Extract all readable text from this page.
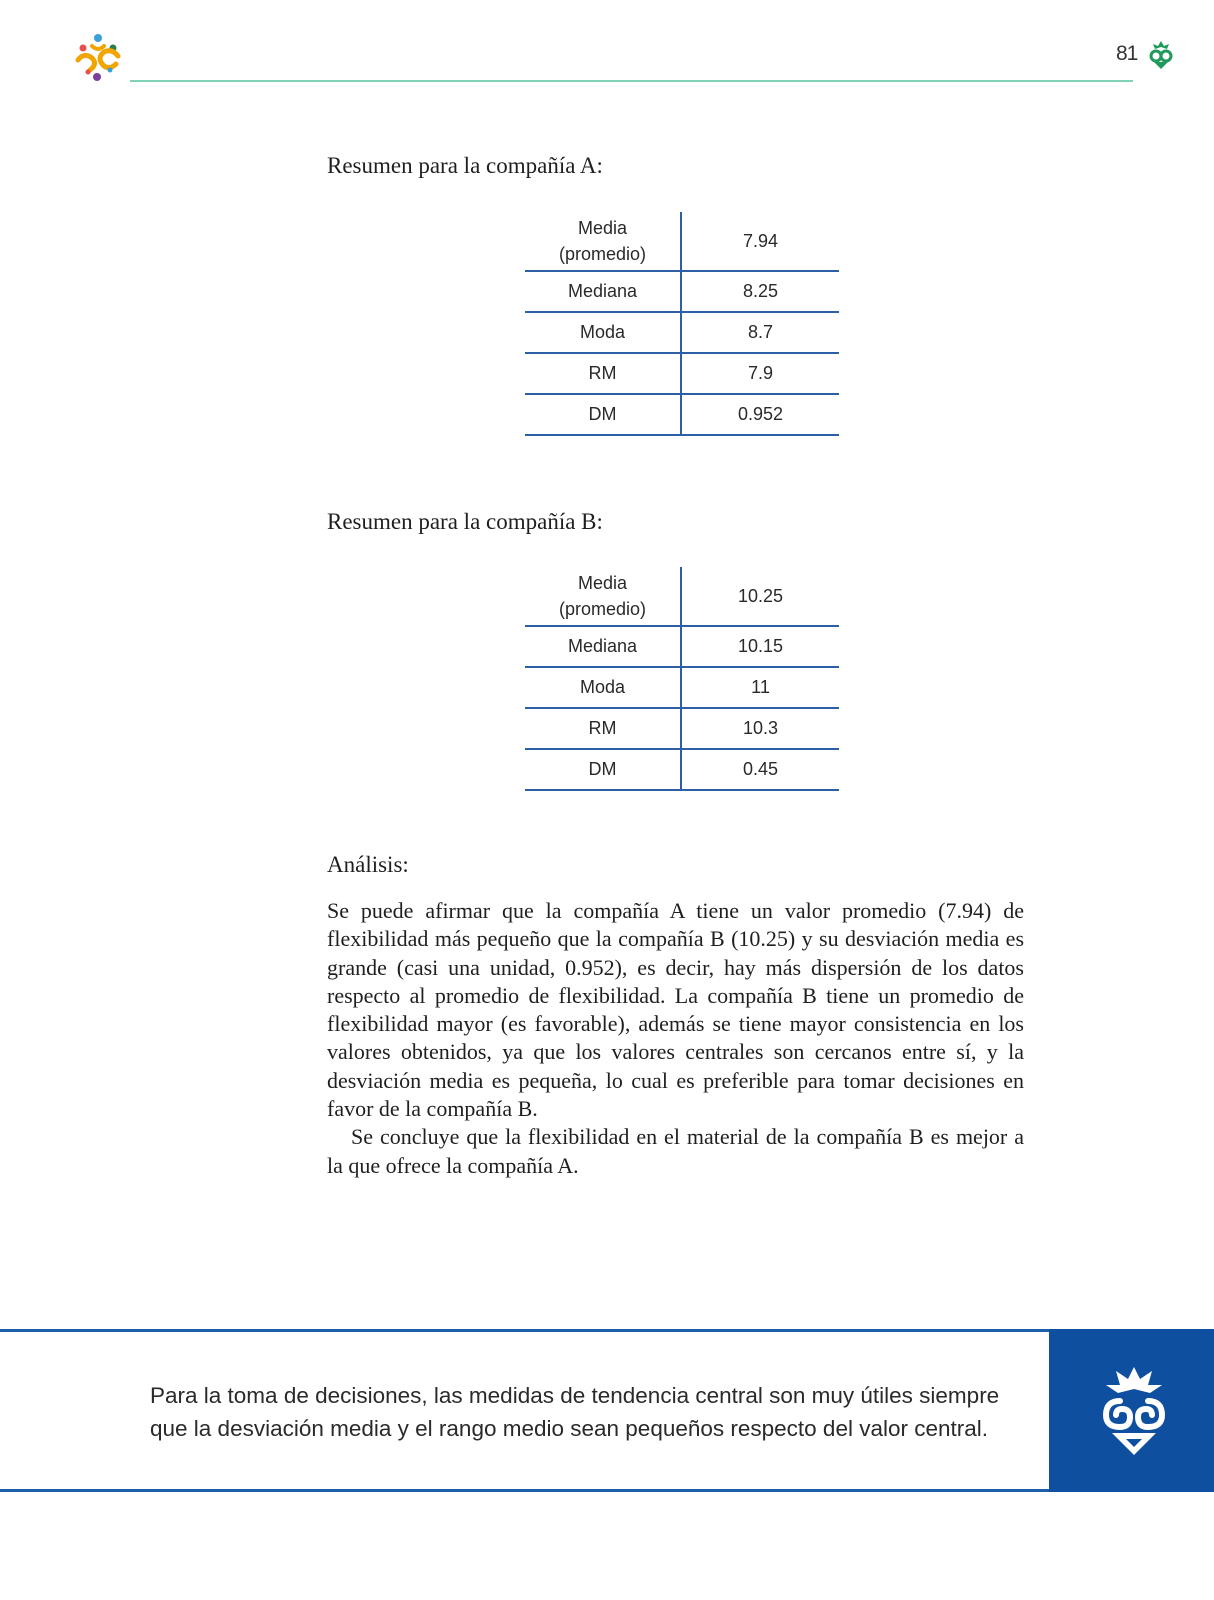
81
Resumen para la compañía A:
Media
(promedio)	7.94
Mediana	8.25
Moda	8.7
RM	7.9
DM	0.952
Resumen para la compañía B:
Media
(promedio)	10.25
Mediana	10.15
Moda	11
RM	10.3
DM	0.45
Análisis:

Se puede afirmar que la compañía A tiene un valor promedio (7.94) de flexibilidad más pequeño que la compañía B (10.25) y su desviación media es grande (casi una unidad, 0.952), es decir, hay más dispersión de los datos respecto al promedio de flexibilidad. La compañía B tiene un promedio de flexibilidad mayor (es favorable), además se tiene mayor consistencia en los valores obtenidos, ya que los valores centrales son cercanos entre sí, y la desviación media es pequeña, lo cual es preferible para tomar decisiones en favor de la compañía B.

Se concluye que la flexibilidad en el material de la compañía B es mejor a la que ofrece la compañía A.

Para la toma de decisiones, las medidas de tendencia central son muy útiles siempre que la desviación media y el rango medio sean pequeños respecto del valor central.
